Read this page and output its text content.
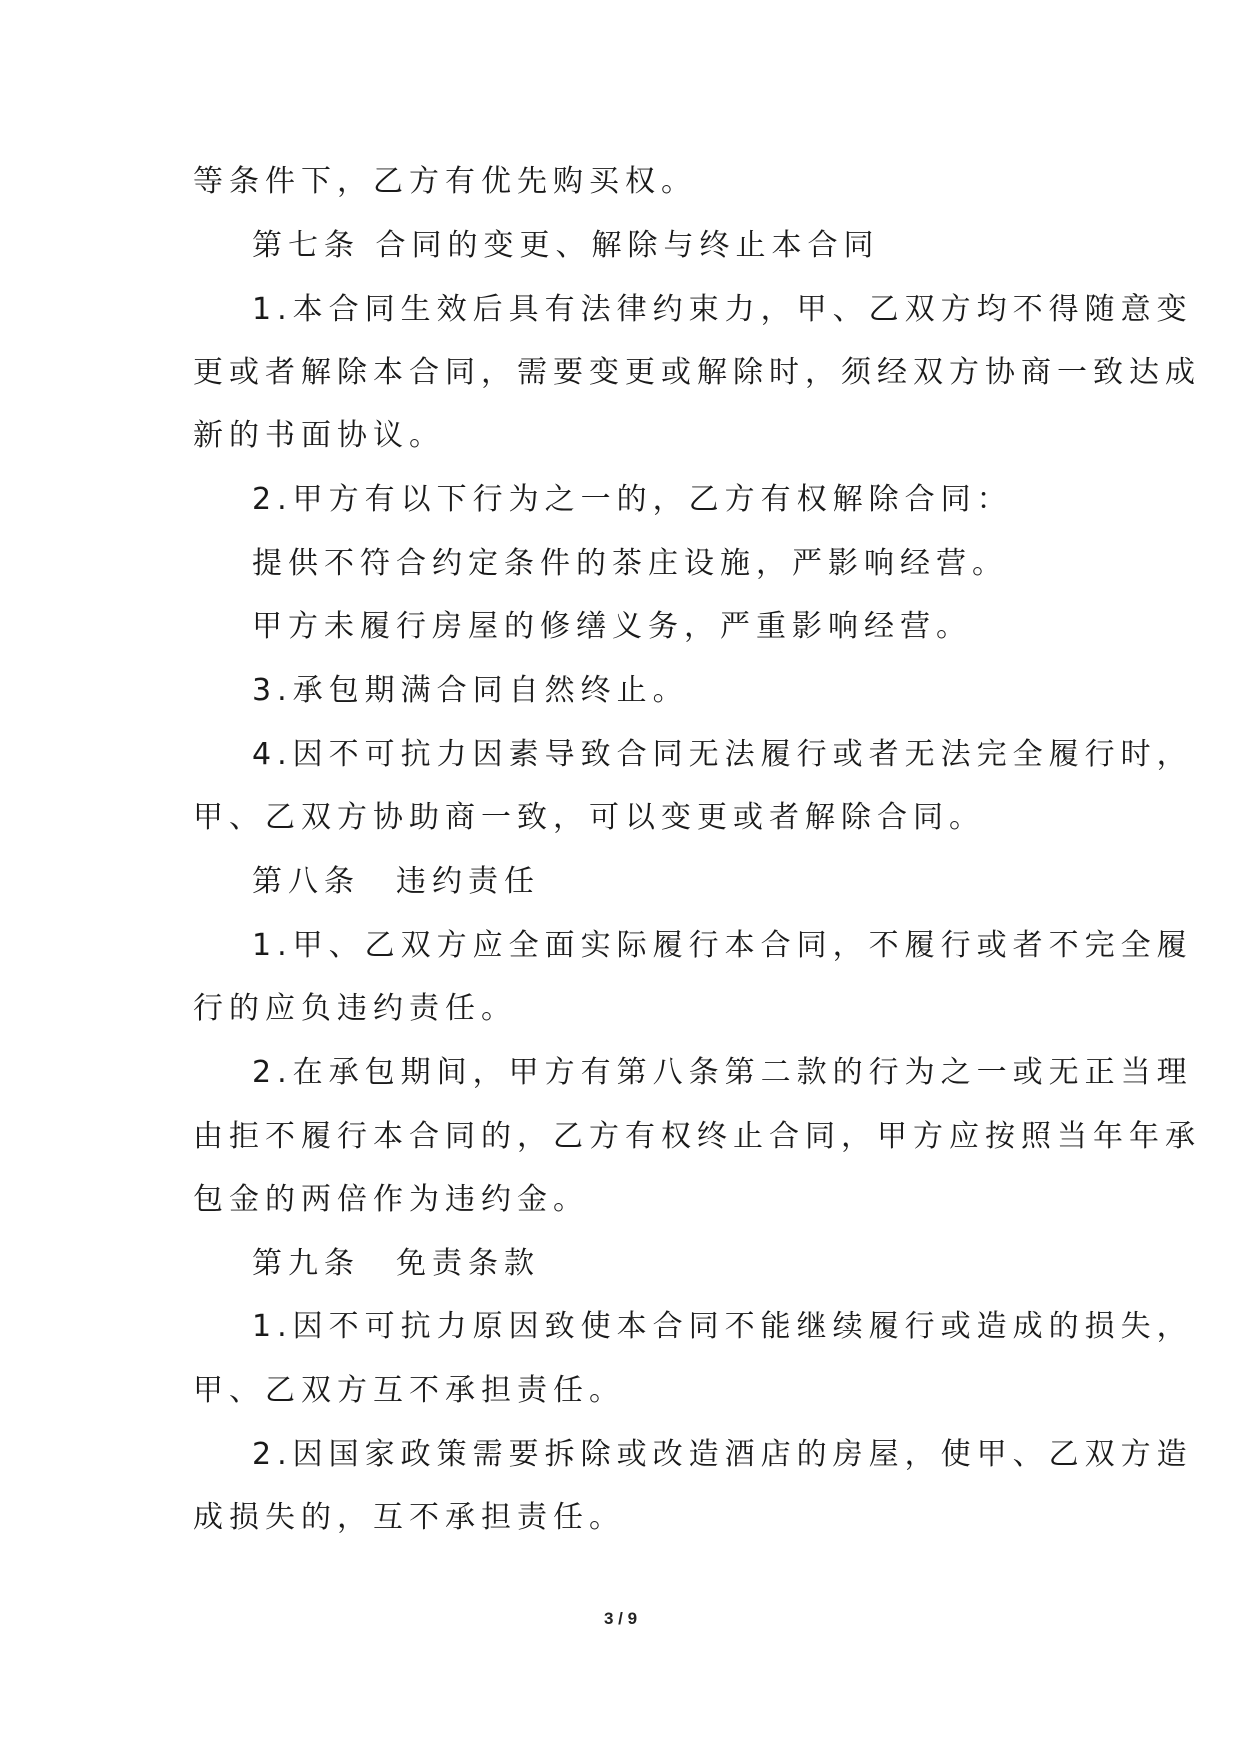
等条件下，乙方有优先购买权。
第七条 合同的变更、解除与终止本合同
1.本合同生效后具有法律约束力，甲、乙双方均不得随意变
更或者解除本合同，需要变更或解除时，须经双方协商一致达成
新的书面协议。
2.甲方有以下行为之一的，乙方有权解除合同：
提供不符合约定条件的茶庄设施，严影响经营。
甲方未履行房屋的修缮义务，严重影响经营。
3.承包期满合同自然终止。
4.因不可抗力因素导致合同无法履行或者无法完全履行时，
甲、乙双方协助商一致，可以变更或者解除合同。
第八条　违约责任
1.甲、乙双方应全面实际履行本合同，不履行或者不完全履
行的应负违约责任。
2.在承包期间，甲方有第八条第二款的行为之一或无正当理
由拒不履行本合同的，乙方有权终止合同，甲方应按照当年年承
包金的两倍作为违约金。
第九条　免责条款
1.因不可抗力原因致使本合同不能继续履行或造成的损失，
甲、乙双方互不承担责任。
2.因国家政策需要拆除或改造酒店的房屋，使甲、乙双方造
成损失的，互不承担责任。
3 / 9
